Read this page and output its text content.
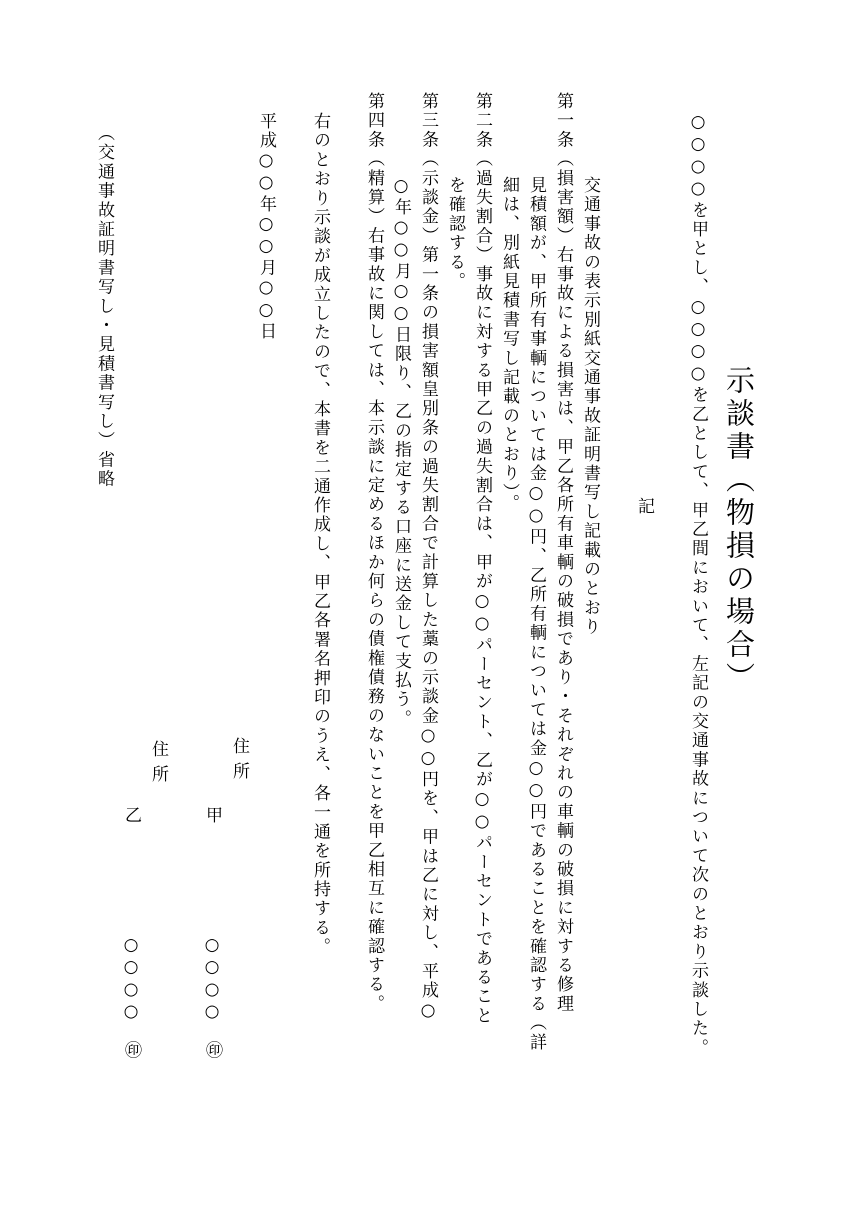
示談書（物損の場合）
○○○○を甲とし、○○○○を乙として、甲乙間において、左記の交通事故について次のとおり示談した。
記
交通事故の表示別紙交通事故証明書写し記載のとおり
第一条（損害額）右事故による損害は、甲乙各所有車輌の破損であり・それぞれの車輌の破損に対する修理
見積額が、甲所有事輌については金○○円、乙所有輌については金○○円であることを確認する（詳
細は、別紙見積書写し記載のとおり）。
第二条（過失割合）事故に対する甲乙の過失割合は、甲が○○パーセント、乙が○○パーセントであること
を確認する。
第三条（示談金）第一条の損害額皇別条の過失割合で計算した藁の示談金○○円を、甲は乙に対し、平成○
○年○○月○○日限り、乙の指定する口座に送金して支払う。
第四条（精算）右事故に関しては、本示談に定めるほか何らの債権債務のないことを甲乙相互に確認する。
右のとおり示談が成立したので、本書を二通作成し、甲乙各署名押印のうえ、各一通を所持する。
平成○○年○○月○○日
住所
甲
○○○○
㊞
住所
乙
○○○○
㊞
（交通事故証明書写し・見積書写し）省略
